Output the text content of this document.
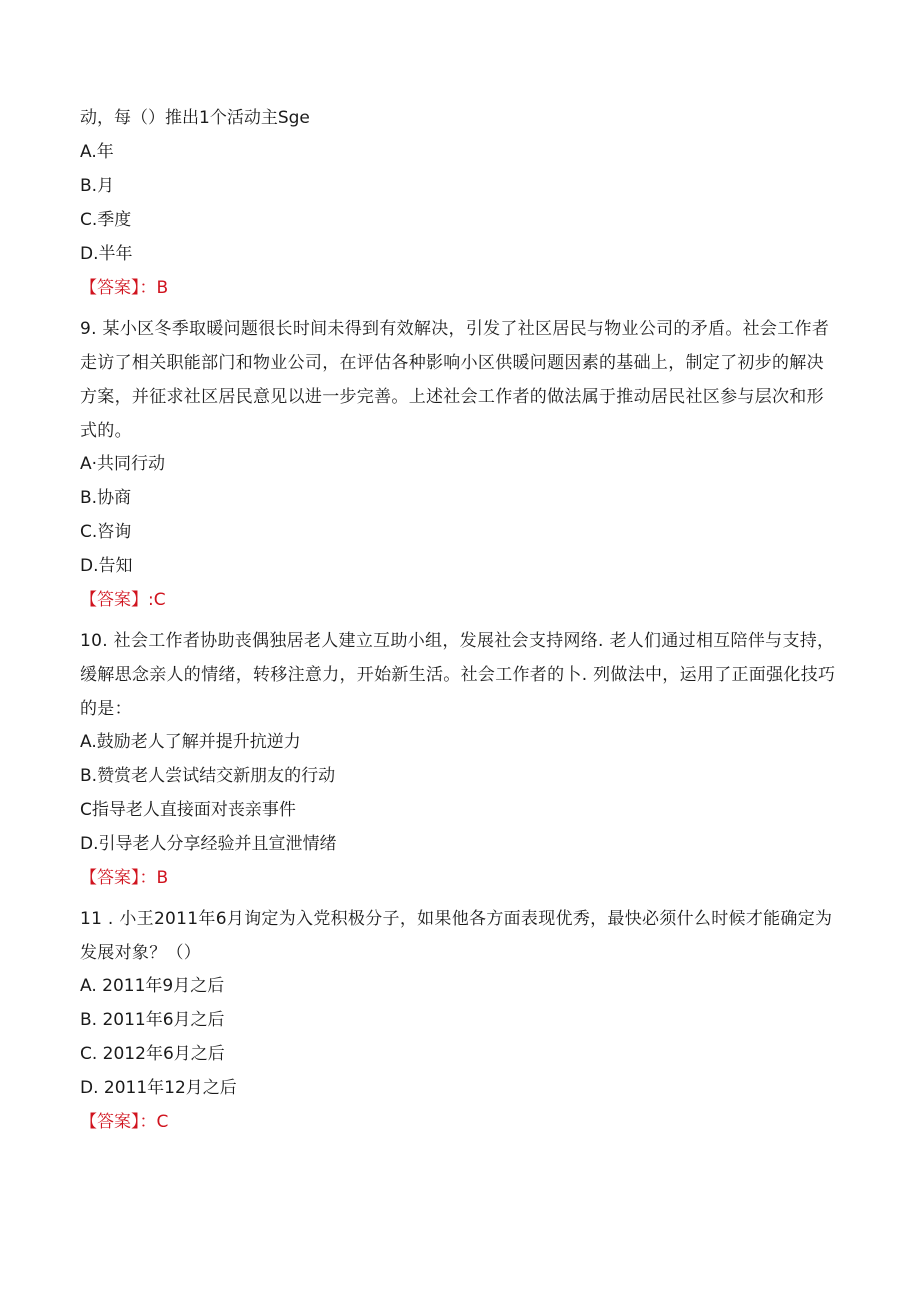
动，每（）推出1个活动主Sge
A.年
B.月
C.季度
D.半年
【答案】：B
9. 某小区冬季取暖问题很长时间未得到有效解决，引发了社区居民与物业公司的矛盾。社会工作者走访了相关职能部门和物业公司，在评估各种影响小区供暖问题因素的基础上，制定了初步的解决方案，并征求社区居民意见以进一步完善。上述社会工作者的做法属于推动居民社区参与层次和形式的。
A·共同行动
B.协商
C.咨询
D.告知
【答案】:C
10. 社会工作者协助丧偶独居老人建立互助小组，发展社会支持网络. 老人们通过相互陪伴与支持，缓解思念亲人的情绪，转移注意力，开始新生活。社会工作者的卜. 列做法中，运用了正面强化技巧的是：
A.鼓励老人了解并提升抗逆力
B.赞赏老人尝试结交新朋友的行动
C指导老人直接面对丧亲事件
D.引导老人分享经验并且宣泄情绪
【答案】：B
11 . 小王2011年6月询定为入党积极分子，如果他各方面表现优秀，最快必须什么时候才能确定为发展对象？（）
A. 2011年9月之后
B. 2011年6月之后
C. 2012年6月之后
D. 2011年12月之后
【答案】：C
